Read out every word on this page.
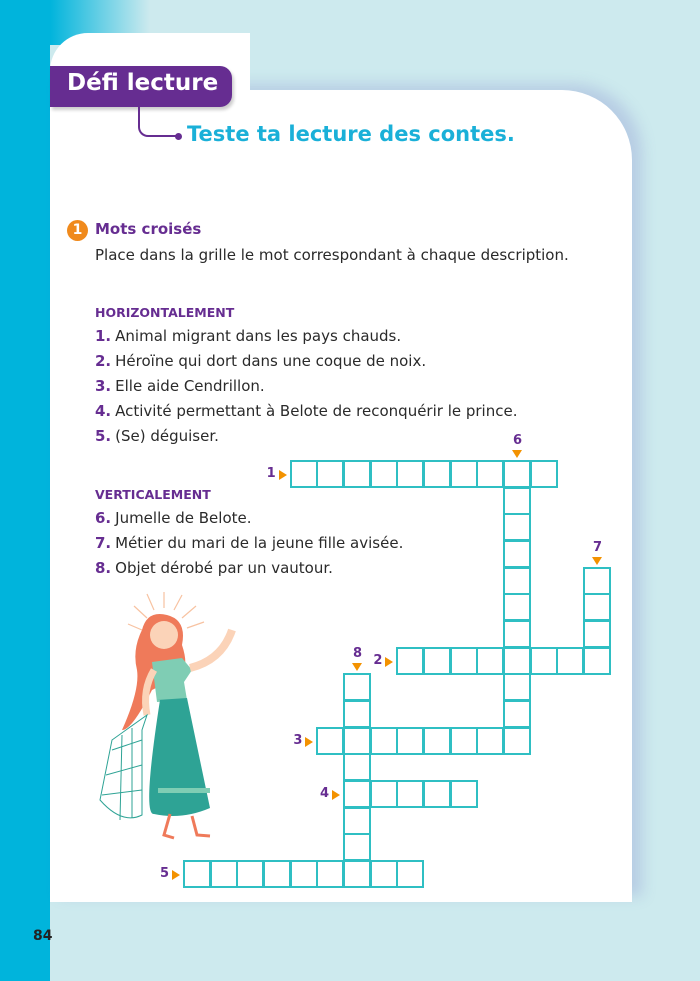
Défi lecture
Teste ta lecture des contes.
1 Mots croisés
Place dans la grille le mot correspondant à chaque description.
HORIZONTALEMENT
1. Animal migrant dans les pays chauds.
2. Héroïne qui dort dans une coque de noix.
3. Elle aide Cendrillon.
4. Activité permettant à Belote de reconquérir le prince.
5. (Se) déguiser.
VERTICALEMENT
6. Jumelle de Belote.
7. Métier du mari de la jeune fille avisée.
8. Objet dérobé par un vautour.
84
1
2
3
4
5
6
7
8
